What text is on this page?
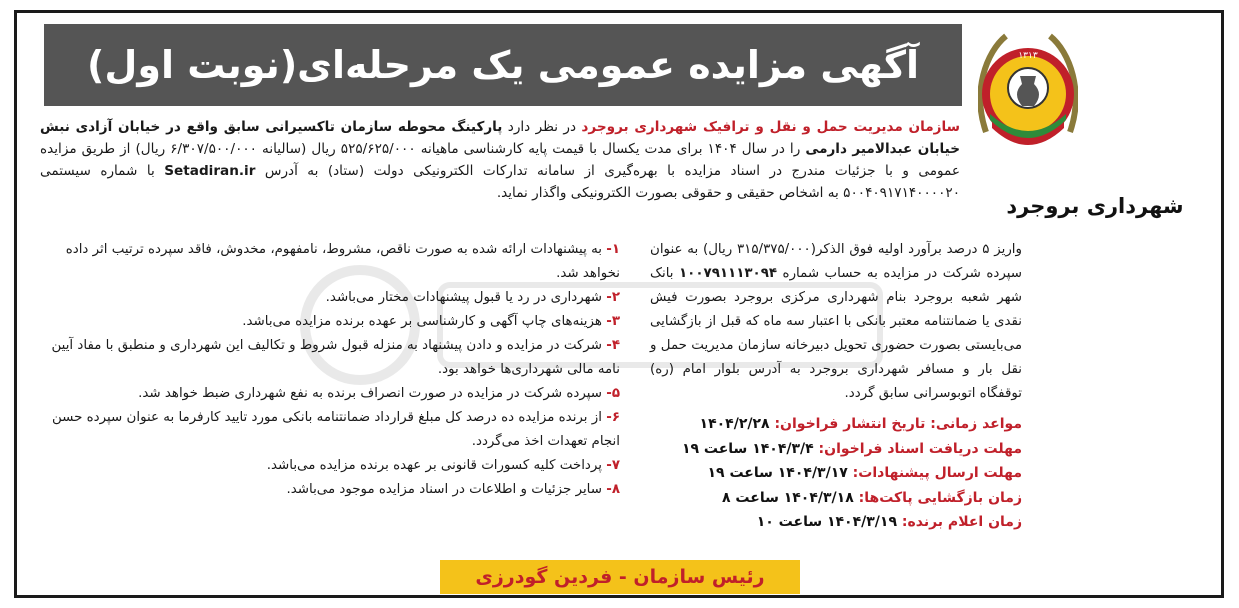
۱۳۱۳
شهرداری بروجرد
آگهی مزایده عمومی یک مرحله‌ای(نوبت اول)
سازمان مدیریت حمل و نقل و ترافیک شهرداری بروجرد در نظر دارد پارکینگ محوطه سازمان تاکسیرانی سابق واقع در خیابان آزادی نبش خیابان عبدالامیر دارمی را در سال ۱۴۰۴ برای مدت یکسال با قیمت پایه کارشناسی ماهیانه ۵۲۵/۶۲۵/۰۰۰ ریال (سالیانه ۶/۳۰۷/۵۰۰/۰۰۰ ریال) از طریق مزایده عمومی و با جزئیات مندرج در اسناد مزایده با بهره‌گیری از سامانه تدارکات الکترونیکی دولت (ستاد) به آدرس Setadiran.ir با شماره سیستمی ۵۰۰۴۰۹۱۷۱۴۰۰۰۰۲۰ به اشخاص حقیقی و حقوقی بصورت الکترونیکی واگذار نماید.
واریز ۵ درصد برآورد اولیه فوق الذکر(۳۱۵/۳۷۵/۰۰۰ ریال) به عنوان سپرده شرکت در مزایده به حساب شماره ۱۰۰۷۹۱۱۱۳۰۹۴ بانک شهر شعبه بروجرد بنام شهرداری مرکزی بروجرد بصورت فیش نقدی یا ضمانتنامه معتبر بانکی با اعتبار سه ماه که قبل از بازگشایی می‌بایستی بصورت حضوری تحویل دبیرخانه سازمان مدیریت حمل و نقل بار و مسافر شهرداری بروجرد به آدرس بلوار امام (ره) توقفگاه اتوبوسرانی سابق گردد.
مواعد زمانی: تاریخ انتشار فراخوان: ۱۴۰۴/۲/۲۸
مهلت دریافت اسناد فراخوان: ۱۴۰۴/۳/۴ ساعت ۱۹
مهلت ارسال پیشنهادات: ۱۴۰۴/۳/۱۷ ساعت ۱۹
زمان بازگشایی پاکت‌ها: ۱۴۰۴/۳/۱۸ ساعت ۸
زمان اعلام برنده: ۱۴۰۴/۳/۱۹ ساعت ۱۰

۱- به پیشنهادات ارائه شده به صورت ناقص، مشروط، نامفهوم، مخدوش، فاقد سپرده ترتیب اثر داده نخواهد شد.

۲- شهرداری در رد یا قبول پیشنهادات مختار می‌باشد.

۳- هزینه‌های چاپ آگهی و کارشناسی بر عهده برنده مزایده می‌باشد.

۴- شرکت در مزایده و دادن پیشنهاد به منزله قبول شروط و تکالیف این شهرداری و منطبق با مفاد آیین نامه مالی شهرداری‌ها خواهد بود.

۵- سپرده شرکت در مزایده در صورت انصراف برنده به نفع شهرداری ضبط خواهد شد.

۶- از برنده مزایده ده درصد کل مبلغ قرارداد ضمانتنامه بانکی مورد تایید کارفرما به عنوان سپرده حسن انجام تعهدات اخذ می‌گردد.

۷- پرداخت کلیه کسورات قانونی بر عهده برنده مزایده می‌باشد.

۸- سایر جزئیات و اطلاعات در اسناد مزایده موجود می‌باشد.

رئیس سازمان - فردین گودرزی
